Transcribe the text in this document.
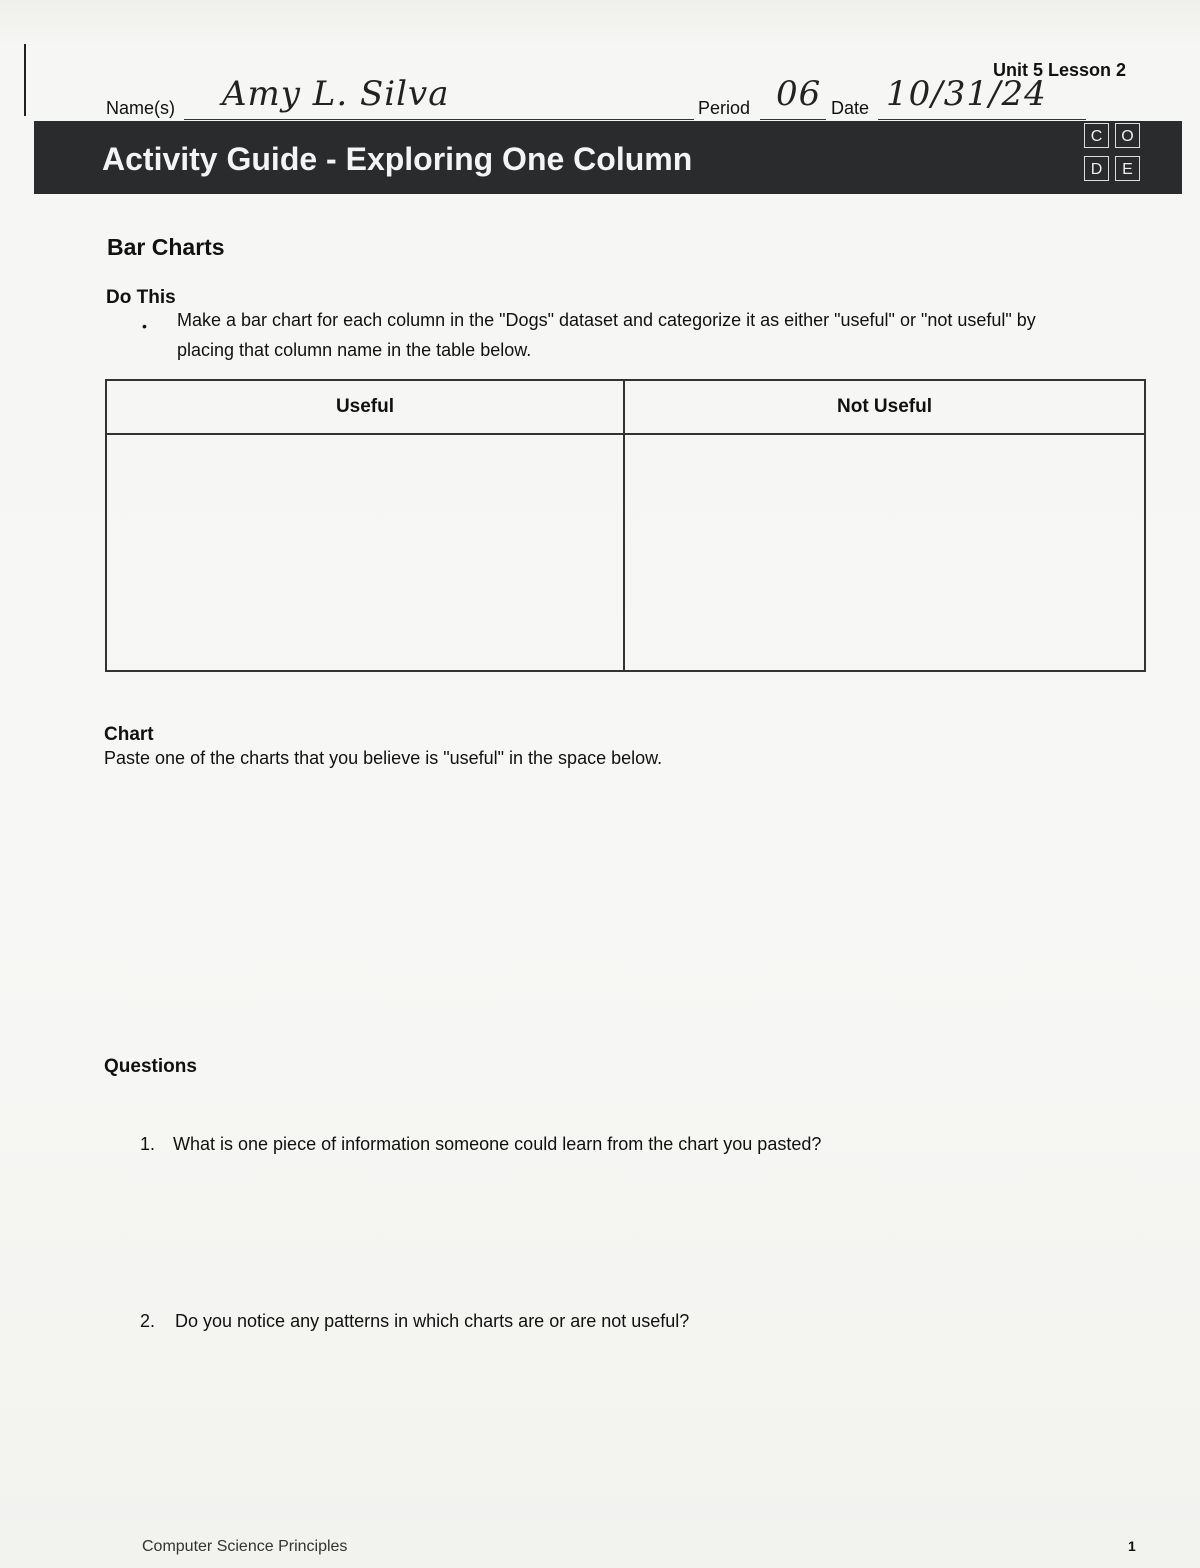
Unit 5 Lesson 2
Name(s) Amy L. Silva	Period 06 Date 10/31/24
Activity Guide - Exploring One Column
C	O
D	E
Bar Charts
Do This
• Make a bar chart for each column in the "Dogs" dataset and categorize it as either "useful" or "not useful" by
placing that column name in the table below.
Useful	Not Useful

Chart
Paste one of the charts that you believe is "useful" in the space below.
Questions
1. What is one piece of information someone could learn from the chart you pasted?
2. Do you notice any patterns in which charts are or are not useful?
Computer Science Principles	1
